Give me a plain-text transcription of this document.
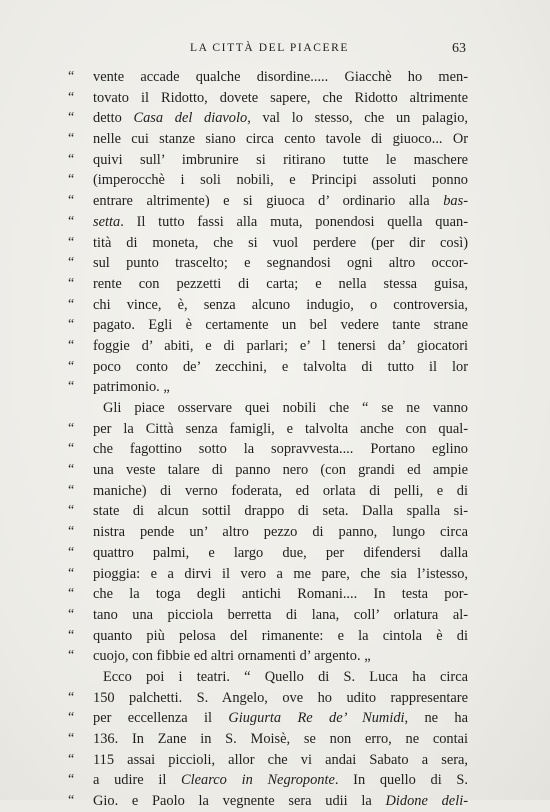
LA CITTÀ DEL PIACERE	63
“ vente accade qualche disordine..... Giacchè ho men-
“ tovato il Ridotto, dovete sapere, che Ridotto altrimente
“ detto Casa del diavolo, val lo stesso, che un palagio,
“ nelle cui stanze siano circa cento tavole di giuoco... Or
“ quivi sull’ imbrunire si ritirano tutte le maschere
“ (imperocchè i soli nobili, e Principi assoluti ponno
“ entrare altrimente) e si giuoca d’ ordinario alla bas-
“ setta. Il tutto fassi alla muta, ponendosi quella quan-
“ tità di moneta, che si vuol perdere (per dir così)
“ sul punto trascelto; e segnandosi ogni altro occor-
“ rente con pezzetti di carta; e nella stessa guisa,
“ chi vince, è, senza alcuno indugio, o controversia,
“ pagato. Egli è certamente un bel vedere tante strane
“ foggie d’ abiti, e di parlari; e’ l tenersi da’ giocatori
“ poco conto de’ zecchini, e talvolta di tutto il lor
“ patrimonio. „
Gli piace osservare quei nobili che “ se ne vanno
“ per la Città senza famigli, e talvolta anche con qual-
“ che fagottino sotto la sopravvesta.... Portano eglino
“ una veste talare di panno nero (con grandi ed ampie
“ maniche) di verno foderata, ed orlata di pelli, e di
“ state di alcun sottil drappo di seta. Dalla spalla si-
“ nistra pende un’ altro pezzo di panno, lungo circa
“ quattro palmi, e largo due, per difendersi dalla
“ pioggia: e a dirvi il vero a me pare, che sia l’istesso,
“ che la toga degli antichi Romani.... In testa por-
“ tano una picciola berretta di lana, coll’ orlatura al-
“ quanto più pelosa del rimanente: e la cintola è di
“ cuojo, con fibbie ed altri ornamenti d’ argento. „
Ecco poi i teatri. “ Quello di S. Luca ha circa
“ 150 palchetti. S. Angelo, ove ho udito rappresentare
“ per eccellenza il Giugurta Re de’ Numidi, ne ha
“ 136. In Zane in S. Moisè, se non erro, ne contai
“ 115 assai piccioli, allor che vi andai Sabato a sera,
“ a udire il Clearco in Negroponte. In quello di S.
“ Gio. e Paolo la vegnente sera udii la Didone deli-
